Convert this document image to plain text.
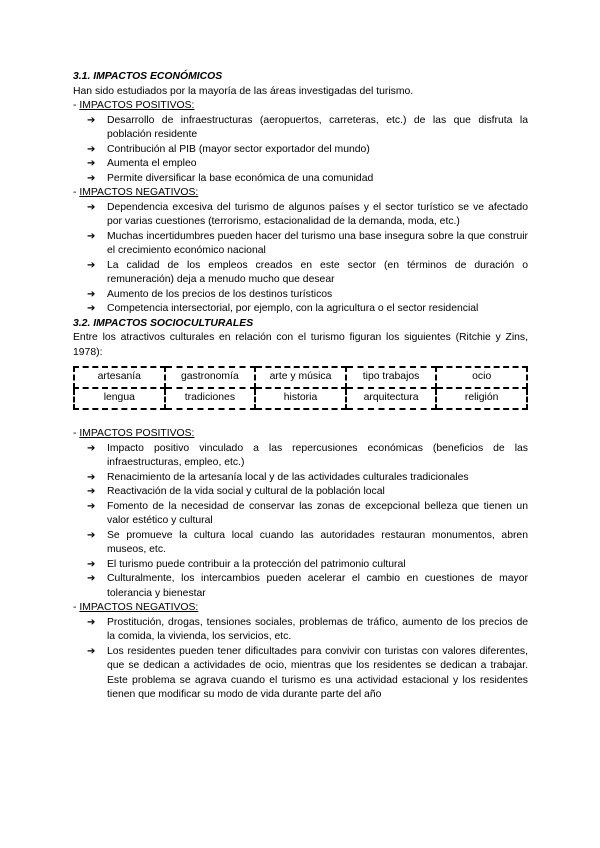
3.1. IMPACTOS ECONÓMICOS
Han sido estudiados por la mayoría de las áreas investigadas del turismo.
- IMPACTOS POSITIVOS:
➔ Desarrollo de infraestructuras (aeropuertos, carreteras, etc.) de las que disfruta la población residente
➔ Contribución al PIB (mayor sector exportador del mundo)
➔ Aumenta el empleo
➔ Permite diversificar la base económica de una comunidad
- IMPACTOS NEGATIVOS:
➔ Dependencia excesiva del turismo de algunos países y el sector turístico se ve afectado por varias cuestiones (terrorismo, estacionalidad de la demanda, moda, etc.)
➔ Muchas incertidumbres pueden hacer del turismo una base insegura sobre la que construir el crecimiento económico nacional
➔ La calidad de los empleos creados en este sector (en términos de duración o remuneración) deja a menudo mucho que desear
➔ Aumento de los precios de los destinos turísticos
➔ Competencia intersectorial, por ejemplo, con la agricultura o el sector residencial
3.2. IMPACTOS SOCIOCULTURALES
Entre los atractivos culturales en relación con el turismo figuran los siguientes (Ritchie y Zins, 1978):
artesanía	gastronomía	arte y música	tipo trabajos	ocio
lengua	tradiciones	historia	arquitectura	religión
- IMPACTOS POSITIVOS:
➔ Impacto positivo vinculado a las repercusiones económicas (beneficios de las infraestructuras, empleo, etc.)
➔ Renacimiento de la artesanía local y de las actividades culturales tradicionales
➔ Reactivación de la vida social y cultural de la población local
➔ Fomento de la necesidad de conservar las zonas de excepcional belleza que tienen un valor estético y cultural
➔ Se promueve la cultura local cuando las autoridades restauran monumentos, abren museos, etc.
➔ El turismo puede contribuir a la protección del patrimonio cultural
➔ Culturalmente, los intercambios pueden acelerar el cambio en cuestiones de mayor tolerancia y bienestar
- IMPACTOS NEGATIVOS:
➔ Prostitución, drogas, tensiones sociales, problemas de tráfico, aumento de los precios de la comida, la vivienda, los servicios, etc.
➔ Los residentes pueden tener dificultades para convivir con turistas con valores diferentes, que se dedican a actividades de ocio, mientras que los residentes se dedican a trabajar. Este problema se agrava cuando el turismo es una actividad estacional y los residentes tienen que modificar su modo de vida durante parte del año
